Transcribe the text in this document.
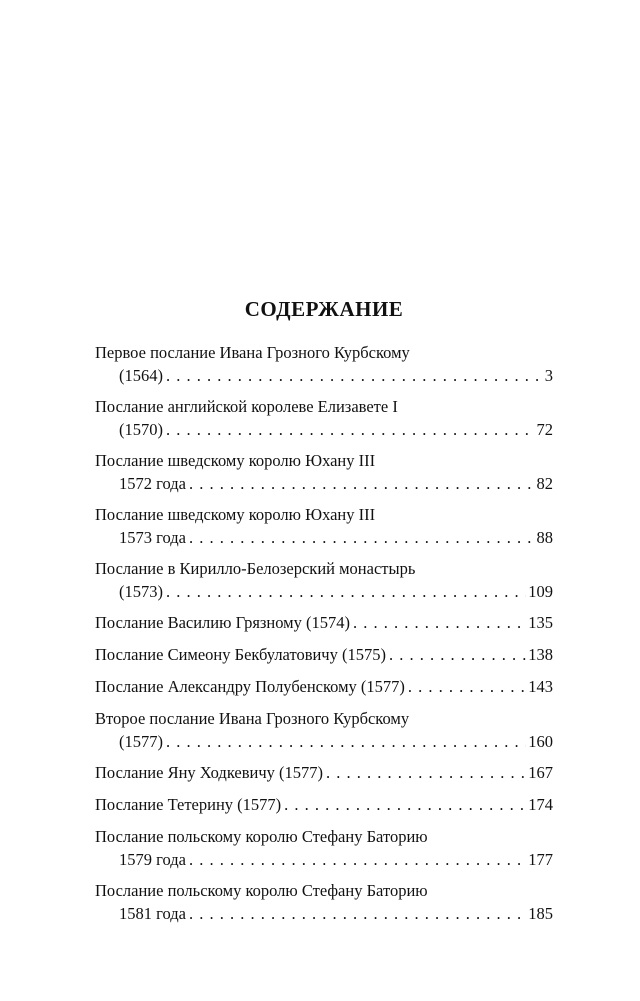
СОДЕРЖАНИЕ
Первое послание Ивана Грозного Курбскому
(1564) . . .	3
Послание английской королеве Елизавете I
(1570) . . .	72
Послание шведскому королю Юхану III
1572 года . . .	82
Послание шведскому королю Юхану III
1573 года . . .	88
Послание в Кирилло-Белозерский монастырь
(1573) . . .	109
Послание Василию Грязному (1574) . . .	135
Послание Симеону Бекбулатовичу (1575) . . .	138
Послание Александру Полубенскому (1577) . . .	143
Второе послание Ивана Грозного Курбскому
(1577) . . .	160
Послание Яну Ходкевичу (1577) . . .	167
Послание Тетерину (1577) . . .	174
Послание польскому королю Стефану Баторию
1579 года . . .	177
Послание польскому королю Стефану Баторию
1581 года . . .	185
